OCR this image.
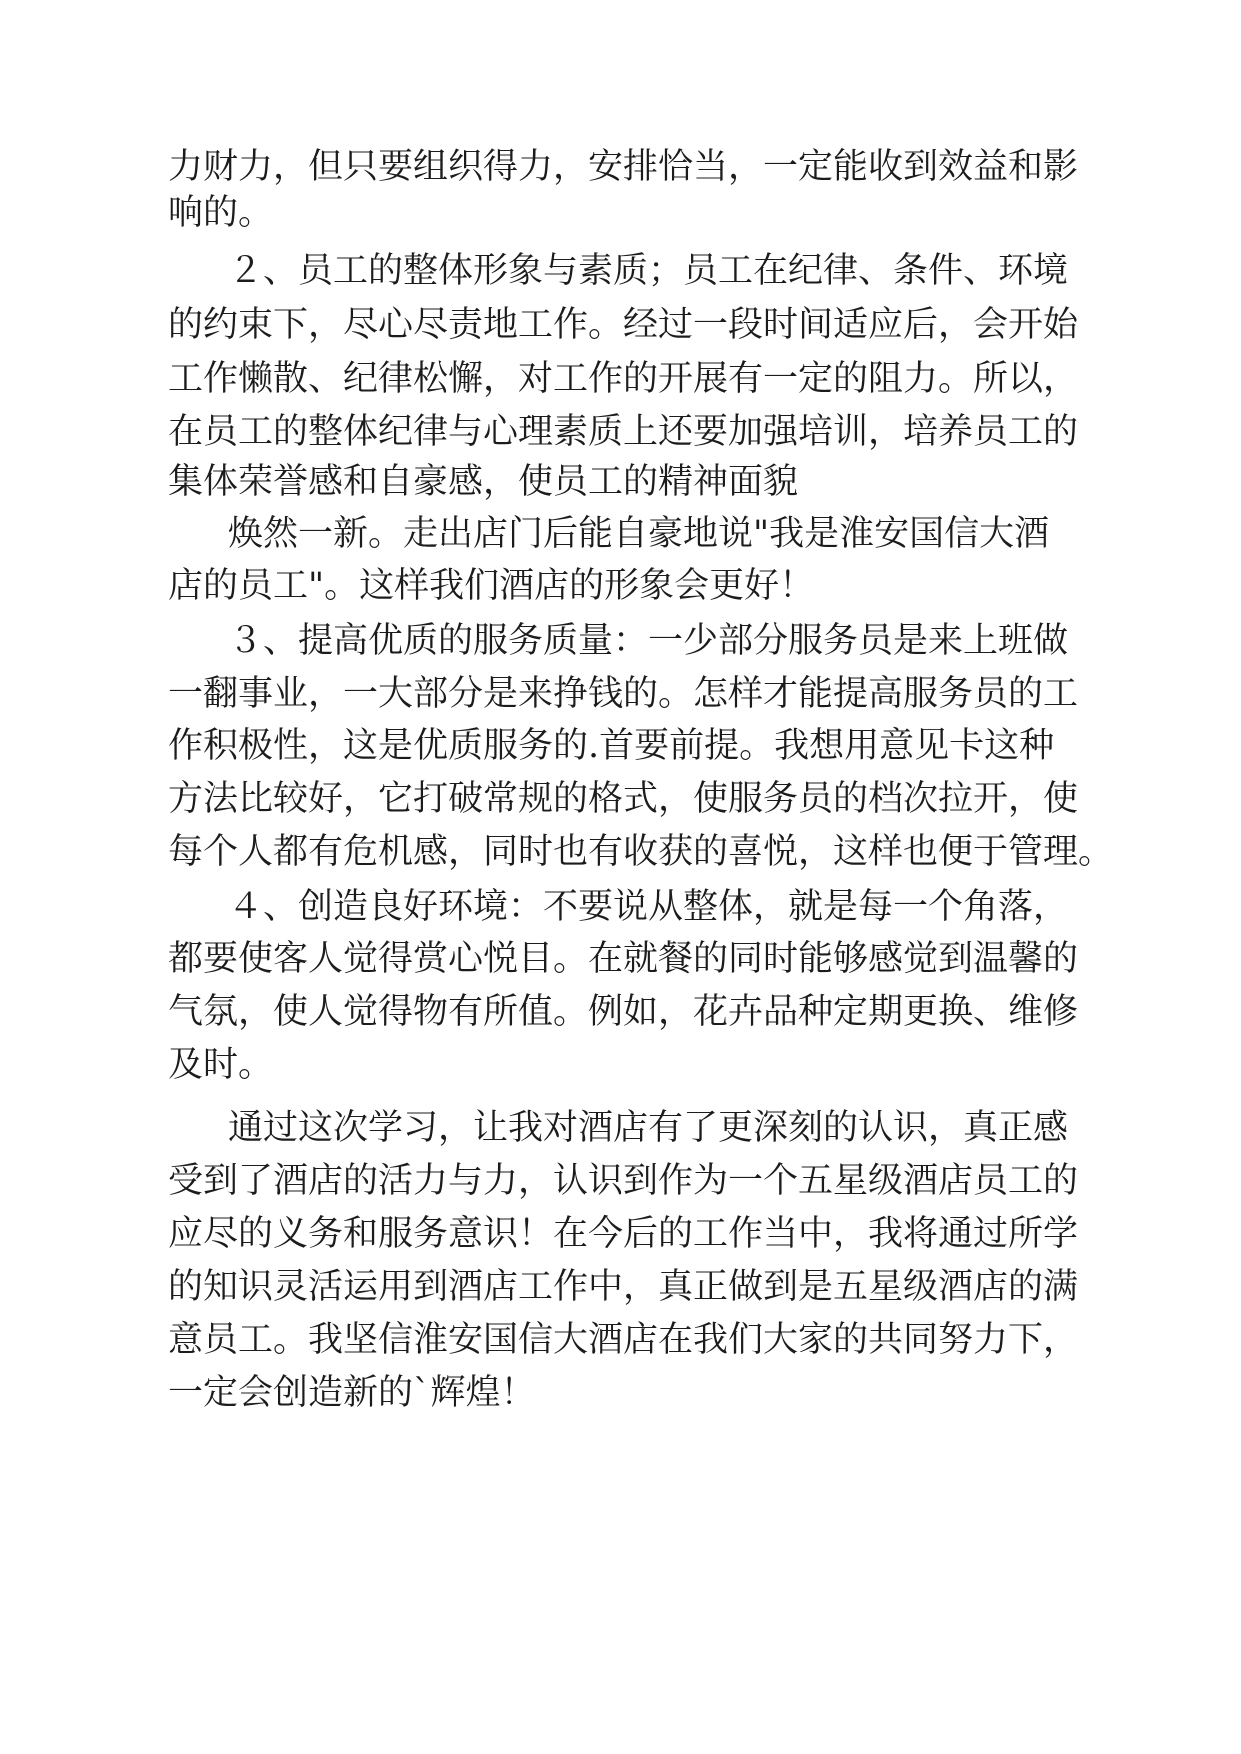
力财力，但只要组织得力，安排恰当，一定能收到效益和影
响的。
２、员工的整体形象与素质；员工在纪律、条件、环境
的约束下，尽心尽责地工作。经过一段时间适应后，会开始
工作懒散、纪律松懈，对工作的开展有一定的阻力。所以，
在员工的整体纪律与心理素质上还要加强培训，培养员工的
集体荣誉感和自豪感，使员工的精神面貌
焕然一新。走出店门后能自豪地说"我是淮安国信大酒
店的员工"。这样我们酒店的形象会更好！
３、提高优质的服务质量：一少部分服务员是来上班做
一翻事业，一大部分是来挣钱的。怎样才能提高服务员的工
作积极性，这是优质服务的.首要前提。我想用意见卡这种
方法比较好，它打破常规的格式，使服务员的档次拉开，使
每个人都有危机感，同时也有收获的喜悦，这样也便于管理。
４、创造良好环境：不要说从整体，就是每一个角落，
都要使客人觉得赏心悦目。在就餐的同时能够感觉到温馨的
气氛，使人觉得物有所值。例如，花卉品种定期更换、维修
及时。
通过这次学习，让我对酒店有了更深刻的认识，真正感
受到了酒店的活力与力，认识到作为一个五星级酒店员工的
应尽的义务和服务意识！在今后的工作当中，我将通过所学
的知识灵活运用到酒店工作中，真正做到是五星级酒店的满
意员工。我坚信淮安国信大酒店在我们大家的共同努力下，
一定会创造新的`辉煌！
